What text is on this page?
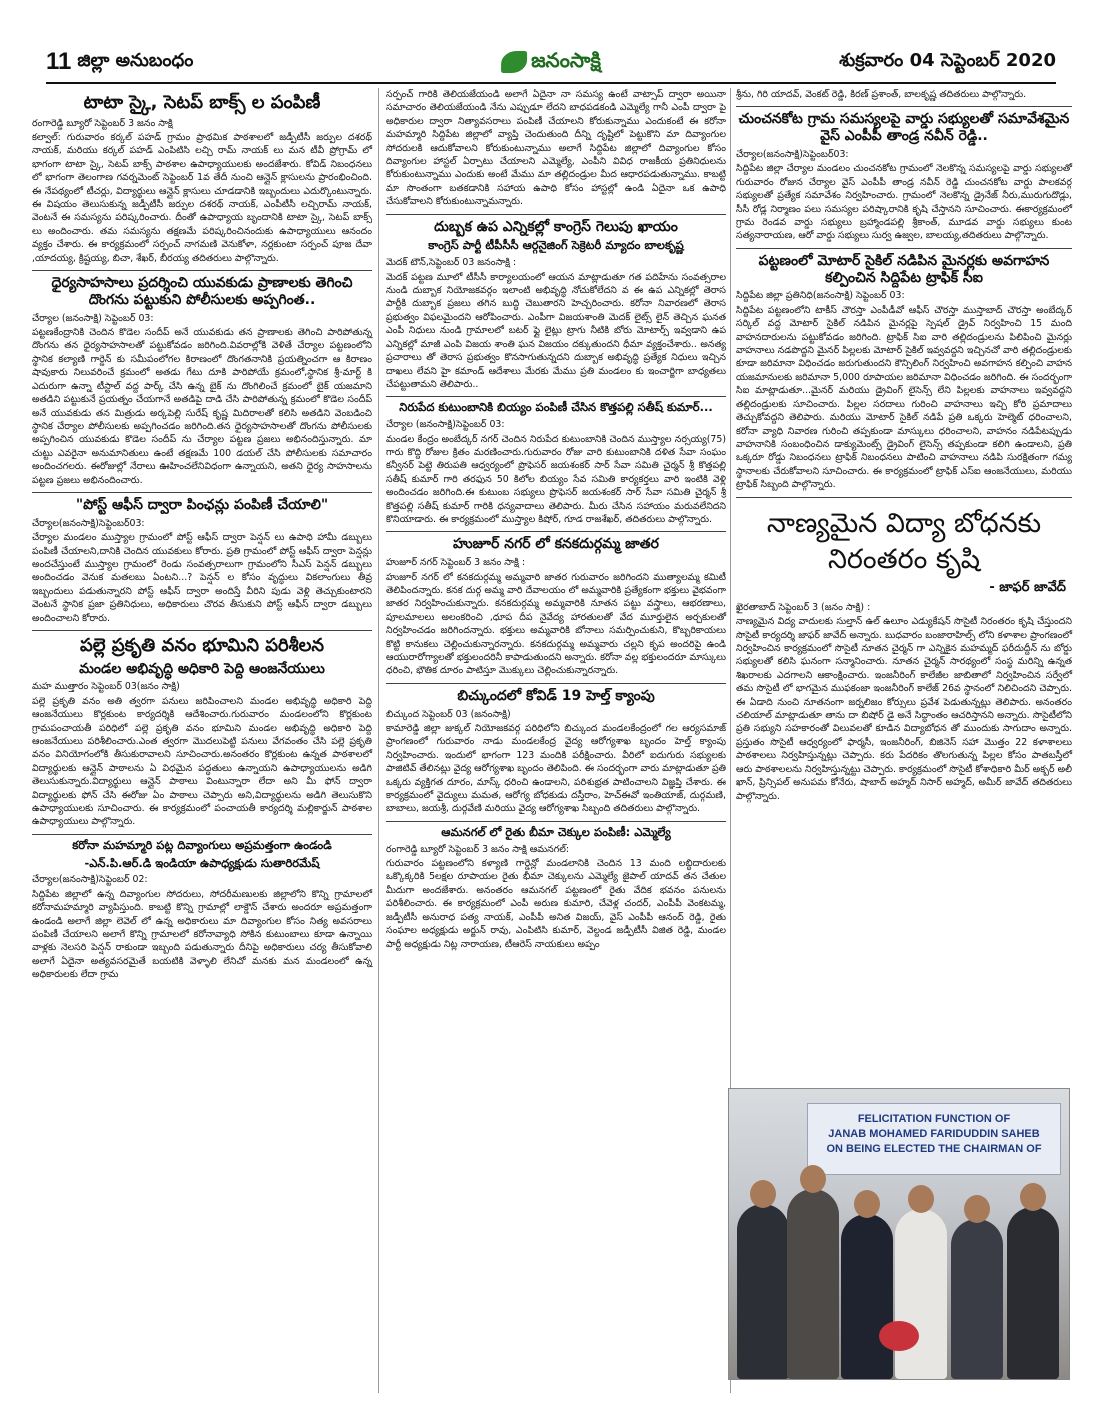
11 జిల్లా అనుబంధం	జనంసాక్షి	శుక్రవారం 04 సెప్టెంబర్ 2020
టాటా స్కై, సెటప్ బాక్స్ ల పంపిణీ
రంగారెడ్డి బ్యూరో సెప్టెంబర్ 3 జనం సాక్షి

కల్వాల్: గురువారం కర్కల్ పహడ్ గ్రామం ప్రాథమిక పాఠశాలలో జడ్పీటీసీ జర్పుల దశరథ్ నాయక్, మరియు కర్కల్ పహడ్ ఎంపిటిసి లచ్చి రామ్ నాయక్ లు మన టీవీ ప్రోగ్రామ్ లో భాగంగా టాటా స్కై, సెటప్ బాక్స్ పాఠశాల ఉపాధ్యాయులకు అందజేశారు. కోవిడ్ నిబంధనలు లో భాగంగా తెలంగాణ గవర్నమెంట్ సెప్టెంబర్ 1వ తేదీ నుంచి ఆన్లైన్ క్లాసులను ప్రారంభించింది. ఈ నేపథ్యంలో టీచర్లు, విద్యార్థులు ఆన్లైన్ క్లాసులు చూడడానికి ఇబ్బందులు ఎదుర్కొంటున్నారు. ఈ విషయం తెలుసుకున్న జడ్పీటీసీ జర్పుల దశరథ్ నాయక్, ఎంపీటీసీ లచ్చిరామ్ నాయక్, వెంటనే ఈ సమస్యను పరిష్కరించారు. దీంతో ఉపాధ్యాయ బృందానికి టాటా స్కై, సెటప్ బాక్స్ లు అందించారు. తమ సమస్యను తక్షణమే పరిష్కరించినందుకు ఉపాధ్యాయులు ఆనందం వ్యక్తం చేశారు. ఈ కార్యక్రమంలో సర్పంచ్ నాగమణి వెనుకోళా, నర్లకుంటా సర్పంచ్ పూజ దేవా ,యాదయ్య, క్రిష్టయ్య, బిచా, శేఖర్, బీరయ్య తదితరులు పాల్గొన్నారు.

ధైర్యసాహసాలు ప్రదర్శించి యువకుడు ప్రాణాలకు తెగించి దొంగను పట్టుకుని పోలీసులకు అప్పగింత..
చేర్యాల (జనంసాక్షి) సెప్టెంబర్ 03:

పట్టణకేంద్రానికి చెందిన కొడెల సందీప్ అనే యువకుడు తన ప్రాణాలకు తెగించి పారిపోతున్న దొంగను తన ధైర్యసాహసాలతో పట్టుకోవడం జరిగింది.వివరాల్లోకి వెళితే చేర్యాల పట్టణంలోని స్థానిక కల్యాణి గార్డెన్ కు సమీపంలోగల కిరాణంలో దొంగతనానికి ప్రయత్నించగా ఆ కిరాణం షావుకారు నిలువరించే క్రమంలో అతడు గేటు దూకి పారిపోయే క్రమంలో,స్థానిక శ్రీ-మార్ట్ కి ఎదురుగా ఉన్నా టీస్టాల్ వద్ద పార్క్ చేసి ఉన్న బైక్ ను దొంగిలించే క్రమంలో బైక్ యజమాని అతడిని పట్టుకునే ప్రయత్నం చేయగానే అతడిపై దాడి చేసి పారిపోతున్న క్రమంలో కొడెల సందీప్ అనే యువకుడు తన మిత్రుడు అర్కపెల్లి సురేష్ కృష్ణ మిదిరాలతో కలిసి అతడిని వెంబడించి స్థానిక చేర్యాల పోలీసులకు అప్పగించడం జరిగింది.తన ధైర్యసాహసాలతో దొంగను పోలీసులకు అప్పగించిన యువకుడు కొడెల సందీప్ ను చేర్యాల పట్టణ ప్రజలు అభినందిస్తున్నారు. మా చుట్టు ఎవరైనా అనుమానితులు ఉంటే తక్షణమే 100 డయల్ చేసి పోలీసులకు సమాచారం అందించగలరు. ఈరోజుల్లో నేరాలు ఊహించలేనివిధంగా ఉన్నాయని, అతని ధైర్య సాహసాలను పట్టణ ప్రజలు అభినందించారు.

"పోస్ట్ ఆఫీస్ ద్వారా పింఛన్లు పంపిణీ చేయాలి"
చేర్యాల(జనంసాక్షి)సెప్టెంబర్03:

చేర్యాల మండలం ముస్త్యాల గ్రామంలో పోస్ట్ ఆఫీస్ ద్వారా పెన్షన్ లు ఉపాధి హామీ డబ్బులు పంపిణీ చేయాలని,దానికి చెందిన యువకులు కోరారు. ప్రతి గ్రామంలో పోస్ట్ ఆఫీస్ ద్వారా పెన్షన్లు అందచేస్తుంటే ముస్త్యాల గ్రామంలో రెండు సంవత్సరాలుగా గ్రామంలోని సీఎస్ పెన్షన్ డబ్బులు అందించడం వెనుక మతలబు ఏంటని...? పెన్షన్ ల కోసం వృద్ధులు వికలాంగులు తీవ్ర ఇబ్బందులు పడుతున్నారని పోస్ట్ ఆఫీస్ ద్వారా అందిస్తే వీరిని పుడు వెళ్లి తెచ్చుకుంటారని వెంటనే స్థానిక ప్రజా ప్రతినిధులు, అధికారులు చొరవ తీసుకుని పోస్ట్ ఆఫీస్ ద్వారా డబ్బులు అందించాలని కోరారు.

పల్లె ప్రకృతి వనం భూమిని పరిశీలన
మండల అభివృద్ధి అధికారి పెద్ది ఆంజనేయులు
మహ ముత్తారం సెప్టెంబర్ 03(జనం సాక్షి)

పల్లె ప్రకృతి వనం అతి త్వరగా పనులు జరిపించాలని మండల అభివృద్ధి అధికారి పెద్ది ఆంజనేయులు కొర్లకుంట కార్యదర్శికి ఆదేశించారు.గురువారం మండలంలోని కొర్లకుంట గ్రామపంచాయతీ పరిధిలో పల్లె ప్రకృతి వనం భూమిని మండల అభివృద్ధి అధికారి పెద్ది ఆంజనేయులు పరిశీలించారు.ఎంత త్వరగా మొదలుపెట్టి పనులు వేగవంతం చేసి పల్లె ప్రకృతి వనం వినియోగంలోకి తీసుకురావాలని సూచించారు.అనంతరం కొర్లకుంట ఉన్నత పాఠశాలలో విద్యార్థులకు ఆన్లైన్ పాఠాలను ఏ విధమైన పద్ధతులు ఉన్నాయని ఉపాధ్యాయులను అడిగి తెలుసుకున్నారు.విద్యార్థులు ఆన్లైన్ పాఠాలు వింటున్నారా లేదా అని మీ ఫోన్ ద్వారా విద్యార్థులకు ఫోన్ చేసి ఈరోజు ఏం పాఠాలు చెప్పారు అని,విద్యార్థులను అడిగి తెలుసుకొని ఉపాధ్యాయులకు సూచించారు. ఈ కార్యక్రమంలో పంచాయతీ కార్యదర్శి మల్లికార్జున్ పాఠశాల ఉపాధ్యాయులు పాల్గొన్నారు.

కరోనా మహమ్మారి పట్ల దివ్యాంగులు అప్రమత్తంగా ఉండండి
-ఎన్.పి.ఆర్.డి ఇండియా ఉపాధ్యక్షుడు సుతారిరమేష్
చేర్యాల(జనంసాక్షి)సెప్టెంబర్ 02:

సిద్దిపేట జిల్లాలో ఉన్న దివ్యాంగుల సోదరులు, సోదరీమణులకు జిల్లాలోని కొన్ని గ్రామాలలో కరోనామహమ్మారి వ్యాపిస్తుంది. కాబట్టి కొన్ని గ్రామాల్లో లాక్డౌన్ చేశారు అందరూ అప్రమత్తంగా ఉండండి అలాగే జిల్లా లెవెల్ లో ఉన్న అధికారులు మా దివ్యాంగుల కోసం నిత్య అవసరాలు పంపిణీ చేయాలని అలాగే కొన్ని గ్రామాలలో కరోనావ్యాధి సోకిన కుటుంబాలు కూడా ఉన్నాయి వాళ్లకు నెలసరి పెన్షన్ రాకుండా ఇబ్బంది పడుతున్నారు దీనిపై అధికారులు చర్య తీసుకోవాలి అలాగే ఏదైనా అత్యవసరమైతే బయటికి వెళ్ళాలి లేనిచో మనకు మన మండలంలో ఉన్న అధికారులకు లేదా గ్రామ

సర్పంచ్ గారికి తెలియజేయండి అలాగే ఏదైనా నా సమస్య ఉంటే వాట్సాప్ ద్వారా అయినా సమాచారం తెలియజేయండి నేను ఎప్పుడూ లేదని బాధపడకండి ఎమ్మెల్యే గానీ ఎంపీ ద్వారా పై అధికారుల ద్వారా నిత్యావసరాలు పంపిణీ చేయాలని కోరుకున్నాము ఎందుకంటే ఈ కరోనా మహమ్మారి సిద్దిపేట జిల్లాలో వ్యాప్తి చెందుతుంది దీన్ని దృష్టిలో పెట్టుకొని మా దివ్యాంగుల సోదరులకి ఆదుకోవాలని కోరుకుంటున్నాము అలాగే సిద్దిపేట జిల్లాలో దివ్యాంగుల కోసం దివ్యాంగుల హాస్టల్ ఏర్పాటు చేయాలని ఎమ్మెల్యే, ఎంపీని వివిధ రాజకీయ ప్రతినిధులను కోరుకుంటున్నాము ఎందుకు అంటే మేము మా తల్లిదండ్రుల మీద ఆధారపడుతున్నాము. కాబట్టి మా సొంతంగా బతకడానికి సహాయ ఉపాధి కోసం హాస్టల్లో ఉండి ఏదైనా ఒక ఉపాధి చేసుకోవాలని కోరుకుంటున్నామన్నారు.

దుబ్బక ఉప ఎన్నికల్లో కాంగ్రెస్ గెలుపు ఖాయం
కాంగ్రెస్ పార్టీ టీపీసీసీ ఆర్గనైజింగ్ సెక్రెటరీ మ్యాదం బాలకృష్ణ
మెదక్ టౌన్,సెప్టెంబర్ 03 జనంసాక్షి :

మెదక్ పట్టణ మూలో టీసీసీ కార్యాలయంలో ఆయన మాట్లాడుతూ గత పదిహేను సంవత్సరాల నుండి దుబ్బాక నియోజకవర్గం ఇలాంటి అభివృద్ధి నోచుకోలేదని వ ఈ ఉప ఎన్నికల్లో తెరాస పార్టీకి దుబ్బాక ప్రజలు తగిన బుద్ధి చెబుతారని హెచ్చరించారు. కరోనా నివారణలో తెరాస ప్రభుత్వం విఫలమైందని ఆరోపించారు. ఎంపీగా విజయశాంతి మెదక్ లైట్స్ లైన్ తెచ్చిన ఘనత ఎంపీ నిధులు నుండి గ్రామాలలో బటర్ ఫ్లై లైట్లు ట్రాగు నీటికి బోరు మోటార్స్ ఇవ్వడాని ఉప ఎన్నికల్లో మాజీ ఎంపి విజయ శాంతి ఘన విజయం దక్కుతుందని ధీమా వ్యక్తంచేశారు.. అనత్య ప్రచారాలు తో తెరాస ప్రభుత్వం కొనసాగుతున్నదని దుబ్బాక అభివృద్ధి ప్రత్యేక నిధులు ఇచ్చిన దాఖలు లేవని హై కమాండ్ ఆదేశాలు మేరకు మేము ప్రతి మండలం కు ఇంచార్జిగా బాధ్యతలు చేపట్టుతామని తెలిపారు..

నిరుపేద కుటుంబానికి బియ్యం పంపిణీ చేసిన కొత్తపల్లి సతీష్ కుమార్...
చేర్యాల (జనంసాక్షి)సెప్టెంబర్ 03:

మండల కేంద్రం అంబేద్కర్ నగర్ చెందిన నిరుపేద కుటుంబానికి చెందిన ముస్త్యాల నర్సయ్య(75) గారు కొద్ది రోజుల క్రితం మరణించారు.గురువారం రోజు వారి కుటుంబానికి దళిత సేవా సంఘం కన్వీనర్ పెట్టె తిరుపతి ఆధ్వర్యంలో ప్రొఫెసర్ జయశంకర్ సార్ సేవా సమితి చైర్మన్ శ్రీ కొత్తపల్లి సతీష్ కుమార్ గారి తరఫున 50 కిలోల బియ్యం సేవ సమితి కార్యకర్తలు వారి ఇంటికి వెళ్లి అందించడం జరిగింది.ఈ కుటుంబ సభ్యులు ప్రొఫెసర్ జయశంకర్ సార్ సేవా సమితి చైర్మన్ శ్రీ కొత్తపల్లి సతీష్ కుమార్ గారికి ధన్యవాదాలు తెలిపారు. మీరు చేసిన సహాయం మరువలేనిదని కొనియాడారు. ఈ కార్యక్రమంలో ముస్త్యాల కిషోర్, గూడ రాజశేఖర్, తదితరులు పాల్గొన్నారు.

హుజూర్ నగర్ లో కనకదుర్గమ్మ జాతర
హుజూర్ నగర్ సెప్టెంబర్ 3 జనం సాక్షి :

హుజూర్ నగర్ లో కనకదుర్గమ్మ అమ్మవారి జాతర గురువారం జరిగిందని ముత్యాలమ్మ కమిటీ తెలిపిందన్నారు. కనక దుర్గ అమ్మ వారి దేవాలయం లో అమ్మవారికి ప్రత్యేకంగా భక్తులు వైభవంగా జాతర నిర్వహించుకున్నారు. కనకదుర్గమ్మ అమ్మవారికి నూతన పట్టు వస్త్రాలు, ఆభరణాలు, పూలమాలలు అలంకరించి ,ధూప దీప నైవేద్య హారతులతో వేద మూర్తులైన అర్చకులతో నిర్వహించడం జరిగిందన్నారు. భక్తులు అమ్మవారికి బోనాలు సమర్పించుకుని, కొబ్బరికాయలు కొట్టి కానుకలు చెల్లించుకున్నారన్నారు. కనకదుర్గమ్మ అమ్మవారు చల్లని కృప అందరిపై ఉండి ఆయురారోగ్యాలతో భక్తులందరినీ కాపాడుతుందని అన్నారు. కరోనా వల్ల భక్తులందరూ మాస్కులు ధరించి, భౌతిక దూరం పాటిస్తూ మొక్కులు చెల్లించుకున్నారన్నారు.

బిచ్కుందలో కోవిడ్ 19 హెల్త్ క్యాంపు
బిచ్కుంద సెప్టెంబర్ 03 (జనంసాక్షి)

కామారెడ్డి జిల్లా జుక్కల్ నియోజకవర్గ పరిధిలోని బిచ్కుంద మండలకేంద్రంలో గల ఆర్యసమాజ్ ప్రాంగణంలో గురువారం నాడు మండలకేంద్ర వైద్య ఆరోగ్యశాఖ బృందం హెల్త్ క్యాంపు నిర్వహించారు. ఇందులో భాగంగా 123 మందికి పరీక్షించారు. వీరిలో ఐదుగురు సభ్యులకు పాజిటివ్ తేలినట్లు వైద్య ఆరోగ్యశాఖ బృందం తెలిపింది. ఈ సందర్భంగా వారు మాట్లాడుతూ ప్రతి ఒక్కరు వ్యక్తిగత దూరం, మాస్క్ ధరించి ఉండాలని, పరిశుభ్రత పాటించాలని విజ్ఞప్తి చేశారు. ఈ కార్యక్రమంలో వైద్యులు మమత, ఆరోగ్య బోధకుడు దస్తీరాం, హెచ్ఈవో ఇంతియాజ్, దుర్గమణి, బాబాలు, జయశ్రీ, దుర్గవేణి మరియు వైద్య ఆరోగ్యశాఖ సిబ్బంది తదితరులు పాల్గొన్నారు.

ఆమనగల్ లో రైతు బీమా చెక్కుల పంపిణీ: ఎమ్మెల్యే
రంగారెడ్డి బ్యూరో సెప్టెంబర్ 3 జనం సాక్షి ఆమనగల్:

గురువారం పట్టణంలోని కళ్యాణి గార్డెన్లో మండలానికి చెందిన 13 మంది లబ్ధిదారులకు ఒక్కొక్కరికి 5లక్షల రూపాయల రైతు భీమా చెక్కులను ఎమ్మెల్యే జైపాల్ యాదవ్ తన చేతుల మీదుగా అందజేశారు. అనంతరం ఆమనగల్ పట్టణంలో రైతు వేదిక భవనం పనులను పరిశీలించారు. ఈ కార్యక్రమంలో ఎంపీ అరుణ కుమారి, చేవెళ్ల చందర్, ఎంపీపీ వెంకటమ్మ, జడ్పీటీసీ అనురాధ పత్య నాయక్, ఎంపీపీ అనిత విజయ్, వైస్ ఎంపీపీ ఆనంద్ రెడ్డి, రైతు సంఘాల అధ్యక్షుడు అర్జున్ రావు, ఎంపిటిసి కుమార్, వెల్దండ జడ్పీటీసీ విజిత రెడ్డి, మండల పార్టీ అధ్యక్షుడు నిట్ల నారాయణ, టీఆరెస్ నాయకులు అప్పం

శ్రీను, గిరి యాదవ్, వెంకట్ రెడ్డి, కిరణ్ ప్రశాంత్, బాలకృష్ణ తదితరులు పాల్గొన్నారు.

చుంచనకోట గ్రామ సమస్యలపై వార్డు సభ్యులతో సమావేశమైన వైస్ ఎంపీపీ తాండ్ర నవీన్ రెడ్డి..
చేర్యాల(జనంసాక్షి)సెప్టెంబర్03:

సిద్దిపేట జిల్లా చేర్యాల మండలం చుంచనకోట గ్రామంలో నెలకొన్న సమస్యలపై వార్డు సభ్యులతో గురువారం రోజున చేర్యాల వైస్ ఎంపీపీ తాండ్ర నవీన్ రెడ్డి చుంచనకోట వార్డు పాలకవర్గ సభ్యులతో ప్రత్యేక సమావేశం నిర్వహించారు. గ్రామంలో నెలకొన్న డ్రైనేజ్ నీరు,మురుగుదొడ్లు, సీసీ రోడ్ల నిర్మాణం పలు సమస్యల పరిష్కారానికి కృషి చేస్తానని సూచించారు. ఈకార్యక్రమంలో గ్రామ రెండవ వార్డు సభ్యులు బ్రహ్మాండపల్లి శ్రీకాంత్, మూడవ వార్డు సభ్యులు కుంట సత్యనారాయణ, ఆరో వార్డు సభ్యులు సుర్వ ఉజ్వల, బాలయ్య,తదితరులు పాల్గొన్నారు.

పట్టణంలో మోటార్ సైకిల్ నడిపిన మైనర్లకు అవగాహన కల్పించిన సిద్దిపేట ట్రాఫిక్ సీఐ
సిద్దిపేట జిల్లా ప్రతినిధి(జనంసాక్షి) సెప్టెంబర్ 03:

సిద్దిపేట పట్టణంలోని టాకీస్ చౌరస్తా ఎంపీడీవో ఆఫీస్ చౌరస్తా ముస్తాబాద్ చౌరస్తా అంబేద్కర్ సర్కిల్ వద్ద మోటార్ సైకిల్ నడిపిన మైనర్లపై స్పెషల్ డ్రైవ్ నిర్వహించి 15 మంది వాహనదారులను పట్టుకోవడం జరిగింది. ట్రాఫిక్ సిఐ వారి తల్లిదండ్రులను పిలిపించి మైనర్లు వాహనాలు నడపొద్దని మైనర్ పిల్లలకు మోటార్ సైకిల్ ఇవ్వవద్దని ఇచ్చినచో వారి తల్లిదండ్రులకు కూడా జరిమానా విధించడం జరుగుతుందని కౌన్సిలింగ్ నిర్వహించి అవగాహన కల్పించి వాహన యజమానులకు జరిమానా 5,000 రూపాయల జరిమానా విధించడం జరిగింది. ఈ సందర్భంగా సిఐ మాట్లాడుతూ...మైనర్ మరియు డ్రైవింగ్ లైసెన్స్ లేని పిల్లలకు వాహనాలు ఇవ్వవద్దని తల్లిదండ్రులకు సూచించారు. పిల్లల సరదాలు గురించి వాహనాలు ఇచ్చి కోరి ప్రమాదాలు తెచ్చుకోవద్దని తెలిపారు. మరియు మోటార్ సైకిల్ నడిపే ప్రతి ఒక్కరు హెల్మెట్ ధరించాలని, కరోనా వ్యాధి నివారణ గురించి తప్పకుండా మాస్కులు ధరించాలని, వాహనం నడిపేటప్పుడు వాహనానికి సంబంధించిన డాక్యుమెంట్స్ డ్రైవింగ్ లైసెన్స్ తప్పకుండా కలిగి ఉండాలని, ప్రతి ఒక్కరూ రోడ్డు నిబంధనలు ట్రాఫిక్ నిబంధనలు పాటించి వాహనాలు నడిపి సురక్షితంగా గమ్య స్థానాలకు చేరుకోవాలని సూచించారు. ఈ కార్యక్రమంలో ట్రాఫిక్ ఎస్ఐ ఆంజనేయులు, మరియు ట్రాఫిక్ సిబ్బంది పాల్గొన్నారు.

నాణ్యమైన విద్యా బోధనకు నిరంతరం కృషి
- జాఫర్ జావేద్
ఖైరతాబాద్ సెప్టెంబర్ 3 (జనం సాక్షి) :

నాణ్యమైన విద్య వాదులకు సుల్తాన్ ఉల్ ఉలూం ఎడ్యుకేషన్ సొసైటీ నిరంతరం కృషి చేస్తుందని సొసైటీ కార్యదర్శి జాఫర్ జావేద్ అన్నారు. బుధవారం బంజారాహిల్స్ లోని కళాశాల ప్రాంగణంలో నిర్వహించిన కార్యక్రమంలో సొసైటీ నూతన చైర్మన్ గా ఎన్నికైన మహమ్మద్ ఫరీదుద్దీన్ ను బోర్డు సభ్యులతో కలిసి ఘనంగా సన్మానించారు. నూతన చైర్మన్ సారథ్యంలో సంస్థ మరిన్ని ఉన్నత శిఖరాలకు ఎదగాలని ఆకాంక్షించారు. ఇంజనీరింగ్ కాలేజీల జాబితాలో నిర్వహించిన సర్వేలో తమ సొసైటీ లో భాగమైన ముఫకంజా ఇంజనీరింగ్ కాలేజ్ 26వ స్థానంలో నిలిచిందని చెప్పారు. ఈ ఏడాది నుంచి నూతనంగా జర్నలిజం కోర్సులు ప్రవేశ పెడుతున్నట్లు తెలిపారు. అనంతరం చలియాల్ మాట్లాడుతూ తాను దా బిషోర్ డై అనే సిద్ధాంతం ఆచరిస్తానని అన్నారు. సొసైటీలోని ప్రతి సభ్యుని సహకారంతో విలువలతో కూడిన విద్యాబోధన తో ముందుకు సాగుదాం అన్నారు. ప్రస్తుతం సొసైటీ ఆధ్వర్యంలో ఫార్మసీ, ఇంజనీరింగ్, బిజినెస్ సహా మొత్తం 22 కళాశాలలు పాఠశాలలు నిర్వహిస్తున్నట్లు చెప్పారు. కరు పేదరికం తొలగుతున్న పిల్లల కోసం పాతబస్తీలో ఆరు పాఠశాలలను నిర్వహిస్తున్నట్టు చెప్పారు. కార్యక్రమంలో సొసైటీ కోశాధికారి మీర్ అక్బర్ అలీ ఖాన్, ప్రిన్సిపల్ అనుపమ కోనేరు, షాబాద్ అహ్మద్ నిసార్ అహ్మద్, అమీర్ జావేద్ తదితరులు పాల్గొన్నారు.

FELICITATION FUNCTION OF
JANAB MOHAMED FARIDUDDIN SAHEB
ON BEING ELECTED THE CHAIRMAN OF
